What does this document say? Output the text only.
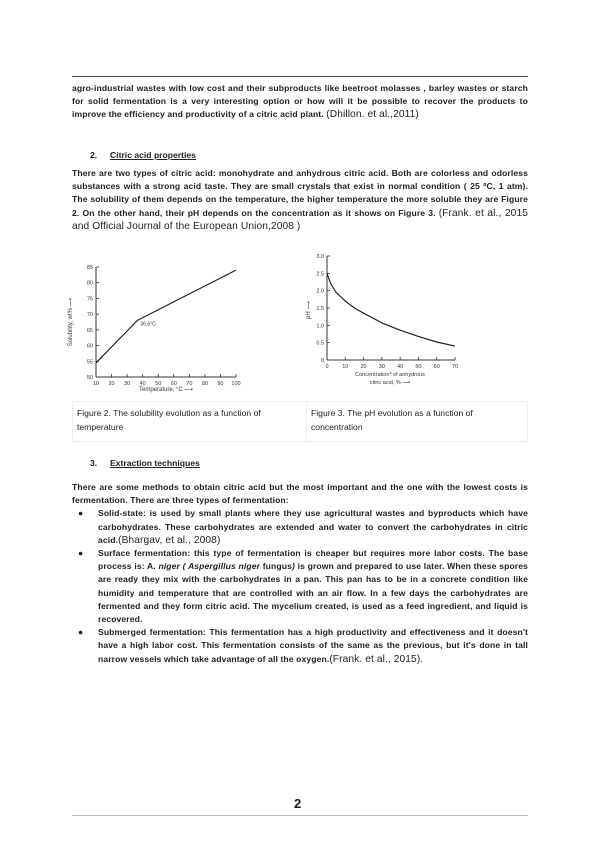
agro-industrial wastes with low cost and their subproducts like beetroot molasses , barley wastes or starch for solid fermentation is a very interesting option or how will it be possible to recover the products to improve the efficiency and productivity of a citric acid plant. (Dhillon. et al.,2011)
2. Citric acid properties
There are two types of citric acid: monohydrate and anhydrous citric acid. Both are colorless and odorless substances with a strong acid taste. They are small crystals that exist in normal condition ( 25 ºC, 1 atm). The solubility of them depends on the temperature, the higher temperature the more soluble they are Figure 2. On the other hand, their pH depends on the concentration as it shows on Figure 3. (Frank. et al., 2015 and Official Journal of the European Union,2008 )
10 20 30 40 50 60 70 80 90 100
50
55
60
65
70
75
80
85
36.6°C
Temperature, °C ⟶
Solubility, wt% ⟶
0 10 20 30 40 50 60 70
0
0.5
1.0
1.5
2.0
2.5
3.0
Concentration* of anhydrous
citric acid, % ⟶
pH ⟶
Figure 2. The solubility evolution as a function of temperature
Figure 3. The pH evolution as a function of concentration
3. Extraction techniques
There are some methods to obtain citric acid but the most important and the one with the lowest costs is fermentation. There are three types of fermentation:
● Solid-state: is used by small plants where they use agricultural wastes and byproducts which have carbohydrates. These carbohydrates are extended and water to convert the carbohydrates in citric acid.(Bhargav, et al., 2008)
● Surface fermentation: this type of fermentation is cheaper but requires more labor costs. The base process is: A. niger ( Aspergillus niger fungus) is grown and prepared to use later. When these spores are ready they mix with the carbohydrates in a pan. This pan has to be in a concrete condition like humidity and temperature that are controlled with an air flow. In a few days the carbohydrates are fermented and they form citric acid. The mycelium created, is used as a feed ingredient, and liquid is recovered.
● Submerged fermentation: This fermentation has a high productivity and effectiveness and it doesn't have a high labor cost. This fermentation consists of the same as the previous, but it's done in tall narrow vessels which take advantage of all the oxygen.(Frank. et al., 2015).
2
